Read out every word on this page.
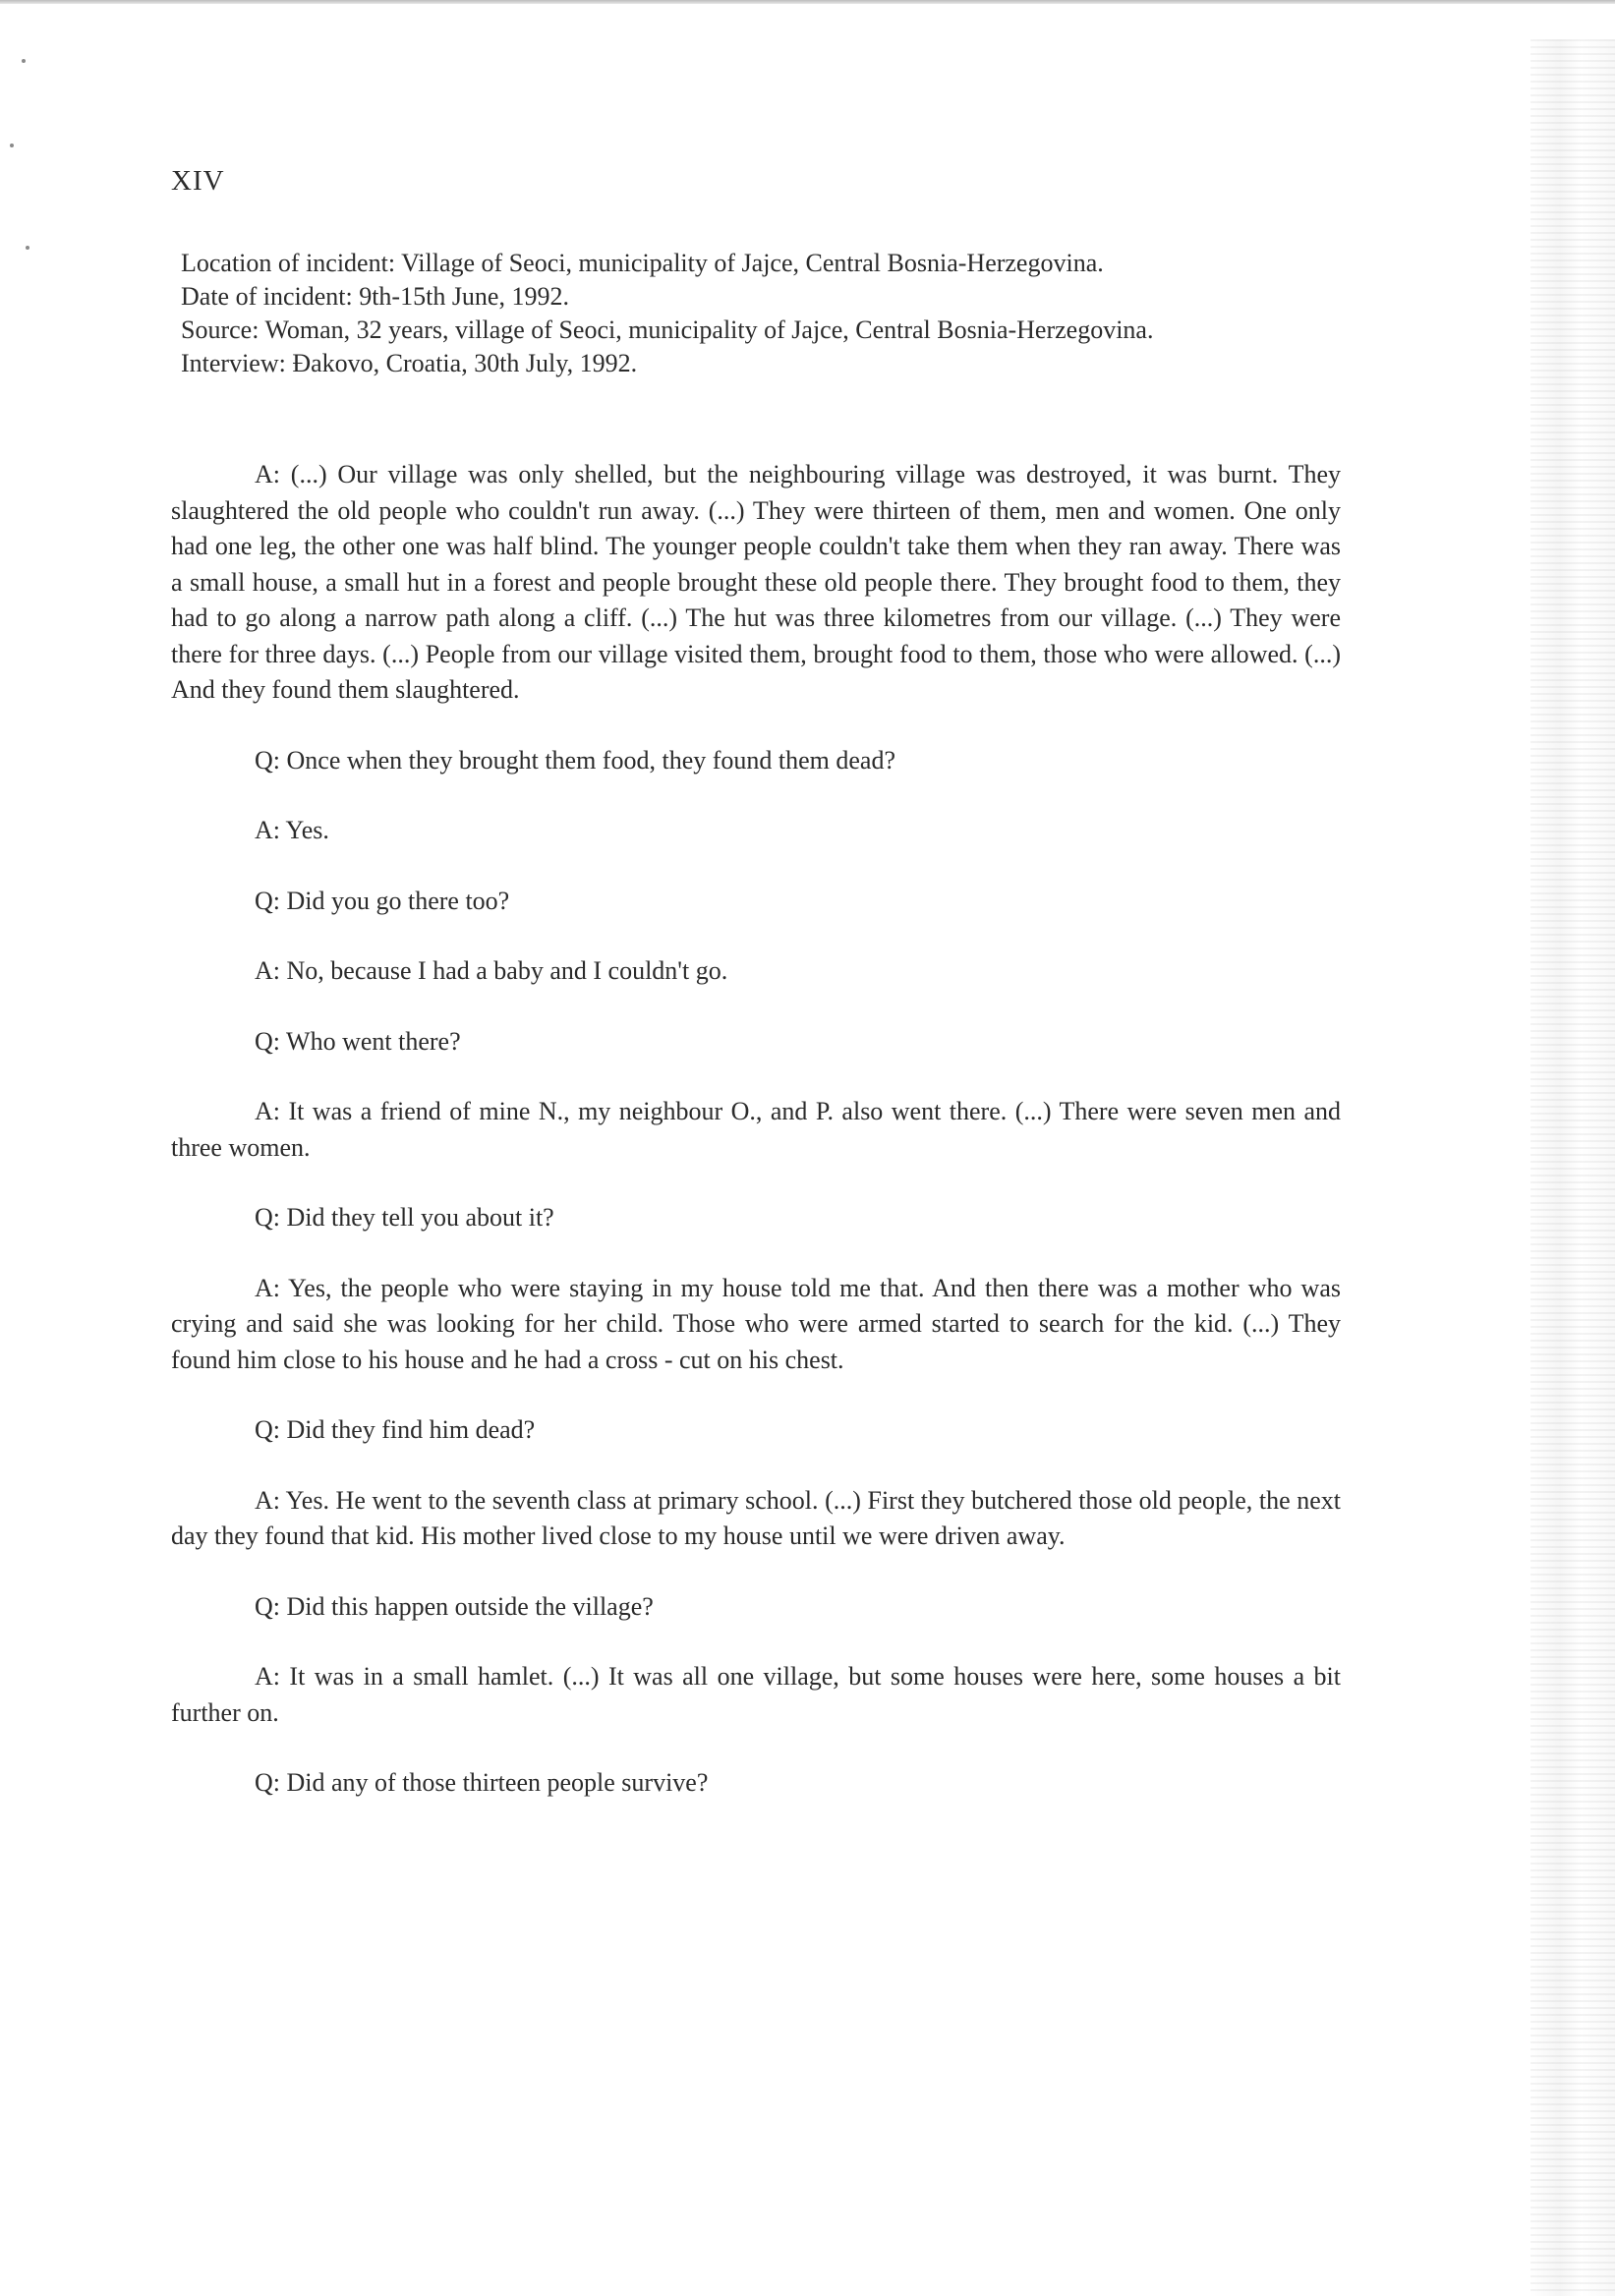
XIV
Location of incident: Village of Seoci, municipality of Jajce, Central Bosnia-Herzegovina.
Date of incident: 9th-15th June, 1992.
Source: Woman, 32 years, village of Seoci, municipality of Jajce, Central Bosnia-Herzegovina.
Interview: Đakovo, Croatia, 30th July, 1992.

A: (...) Our village was only shelled, but the neighbouring village was destroyed, it was burnt. They slaughtered the old people who couldn't run away. (...) They were thirteen of them, men and women. One only had one leg, the other one was half blind. The younger people couldn't take them when they ran away. There was a small house, a small hut in a forest and people brought these old people there. They brought food to them, they had to go along a narrow path along a cliff. (...) The hut was three kilometres from our village. (...) They were there for three days. (...) People from our village visited them, brought food to them, those who were allowed. (...) And they found them slaughtered.

Q: Once when they brought them food, they found them dead?

A: Yes.

Q: Did you go there too?

A: No, because I had a baby and I couldn't go.

Q: Who went there?

A: It was a friend of mine N., my neighbour O., and P. also went there. (...) There were seven men and three women.

Q: Did they tell you about it?

A: Yes, the people who were staying in my house told me that. And then there was a mother who was crying and said she was looking for her child. Those who were armed started to search for the kid. (...) They found him close to his house and he had a cross - cut on his chest.

Q: Did they find him dead?

A: Yes. He went to the seventh class at primary school. (...) First they butchered those old people, the next day they found that kid. His mother lived close to my house until we were driven away.

Q: Did this happen outside the village?

A: It was in a small hamlet. (...) It was all one village, but some houses were here, some houses a bit further on.

Q: Did any of those thirteen people survive?
